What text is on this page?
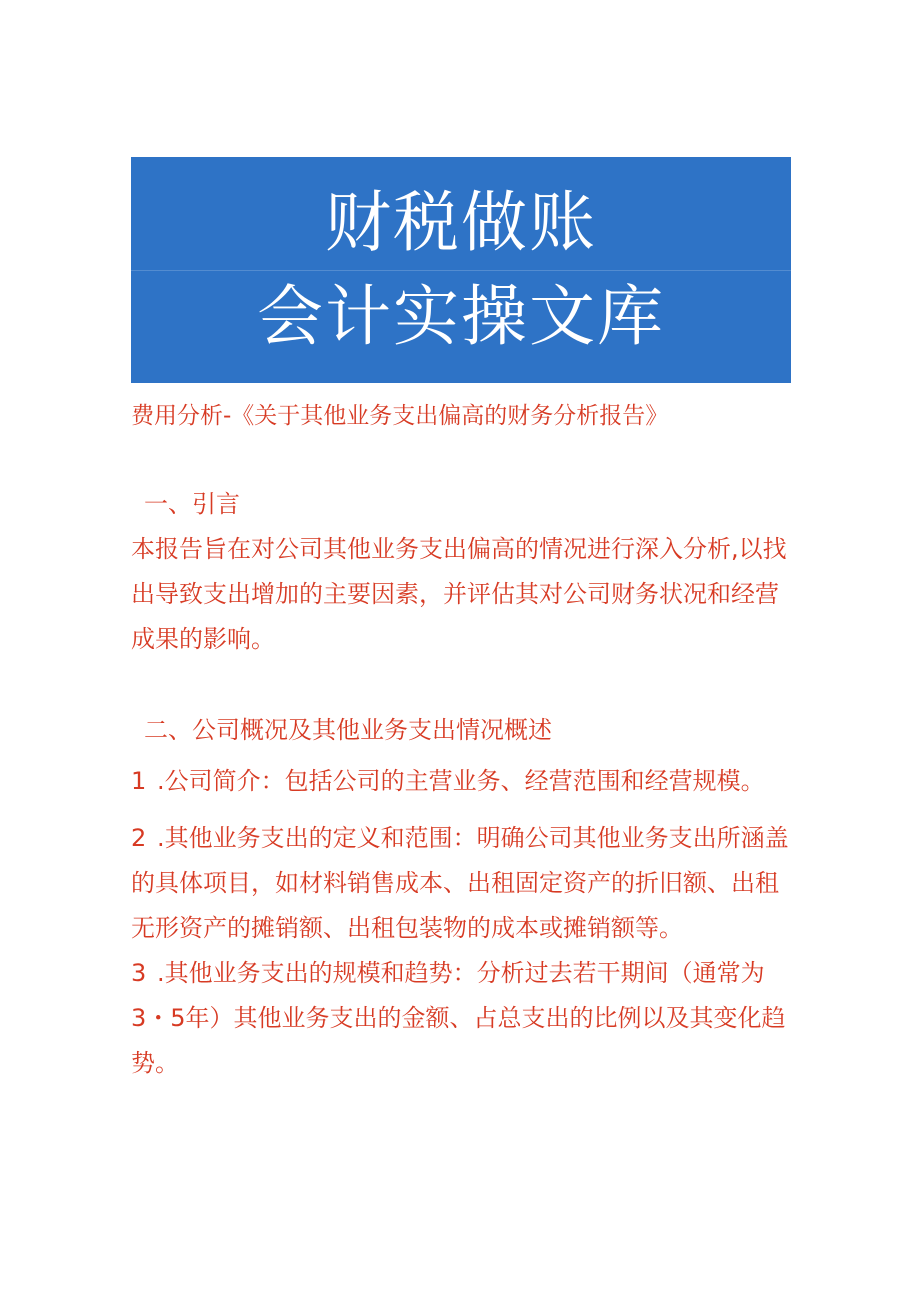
财税做账
会计实操文库

费用分析-《关于其他业务支出偏高的财务分析报告》

一、引言

本报告旨在对公司其他业务支出偏高的情况进行深入分析,以找出导致支出增加的主要因素，并评估其对公司财务状况和经营成果的影响。

二、公司概况及其他业务支出情况概述

1 .公司简介：包括公司的主营业务、经营范围和经营规模。

2 .其他业务支出的定义和范围：明确公司其他业务支出所涵盖的具体项目，如材料销售成本、出租固定资产的折旧额、出租无形资产的摊销额、出租包装物的成本或摊销额等。

3 .其他业务支出的规模和趋势：分析过去若干期间（通常为3・5年）其他业务支出的金额、占总支出的比例以及其变化趋势。
